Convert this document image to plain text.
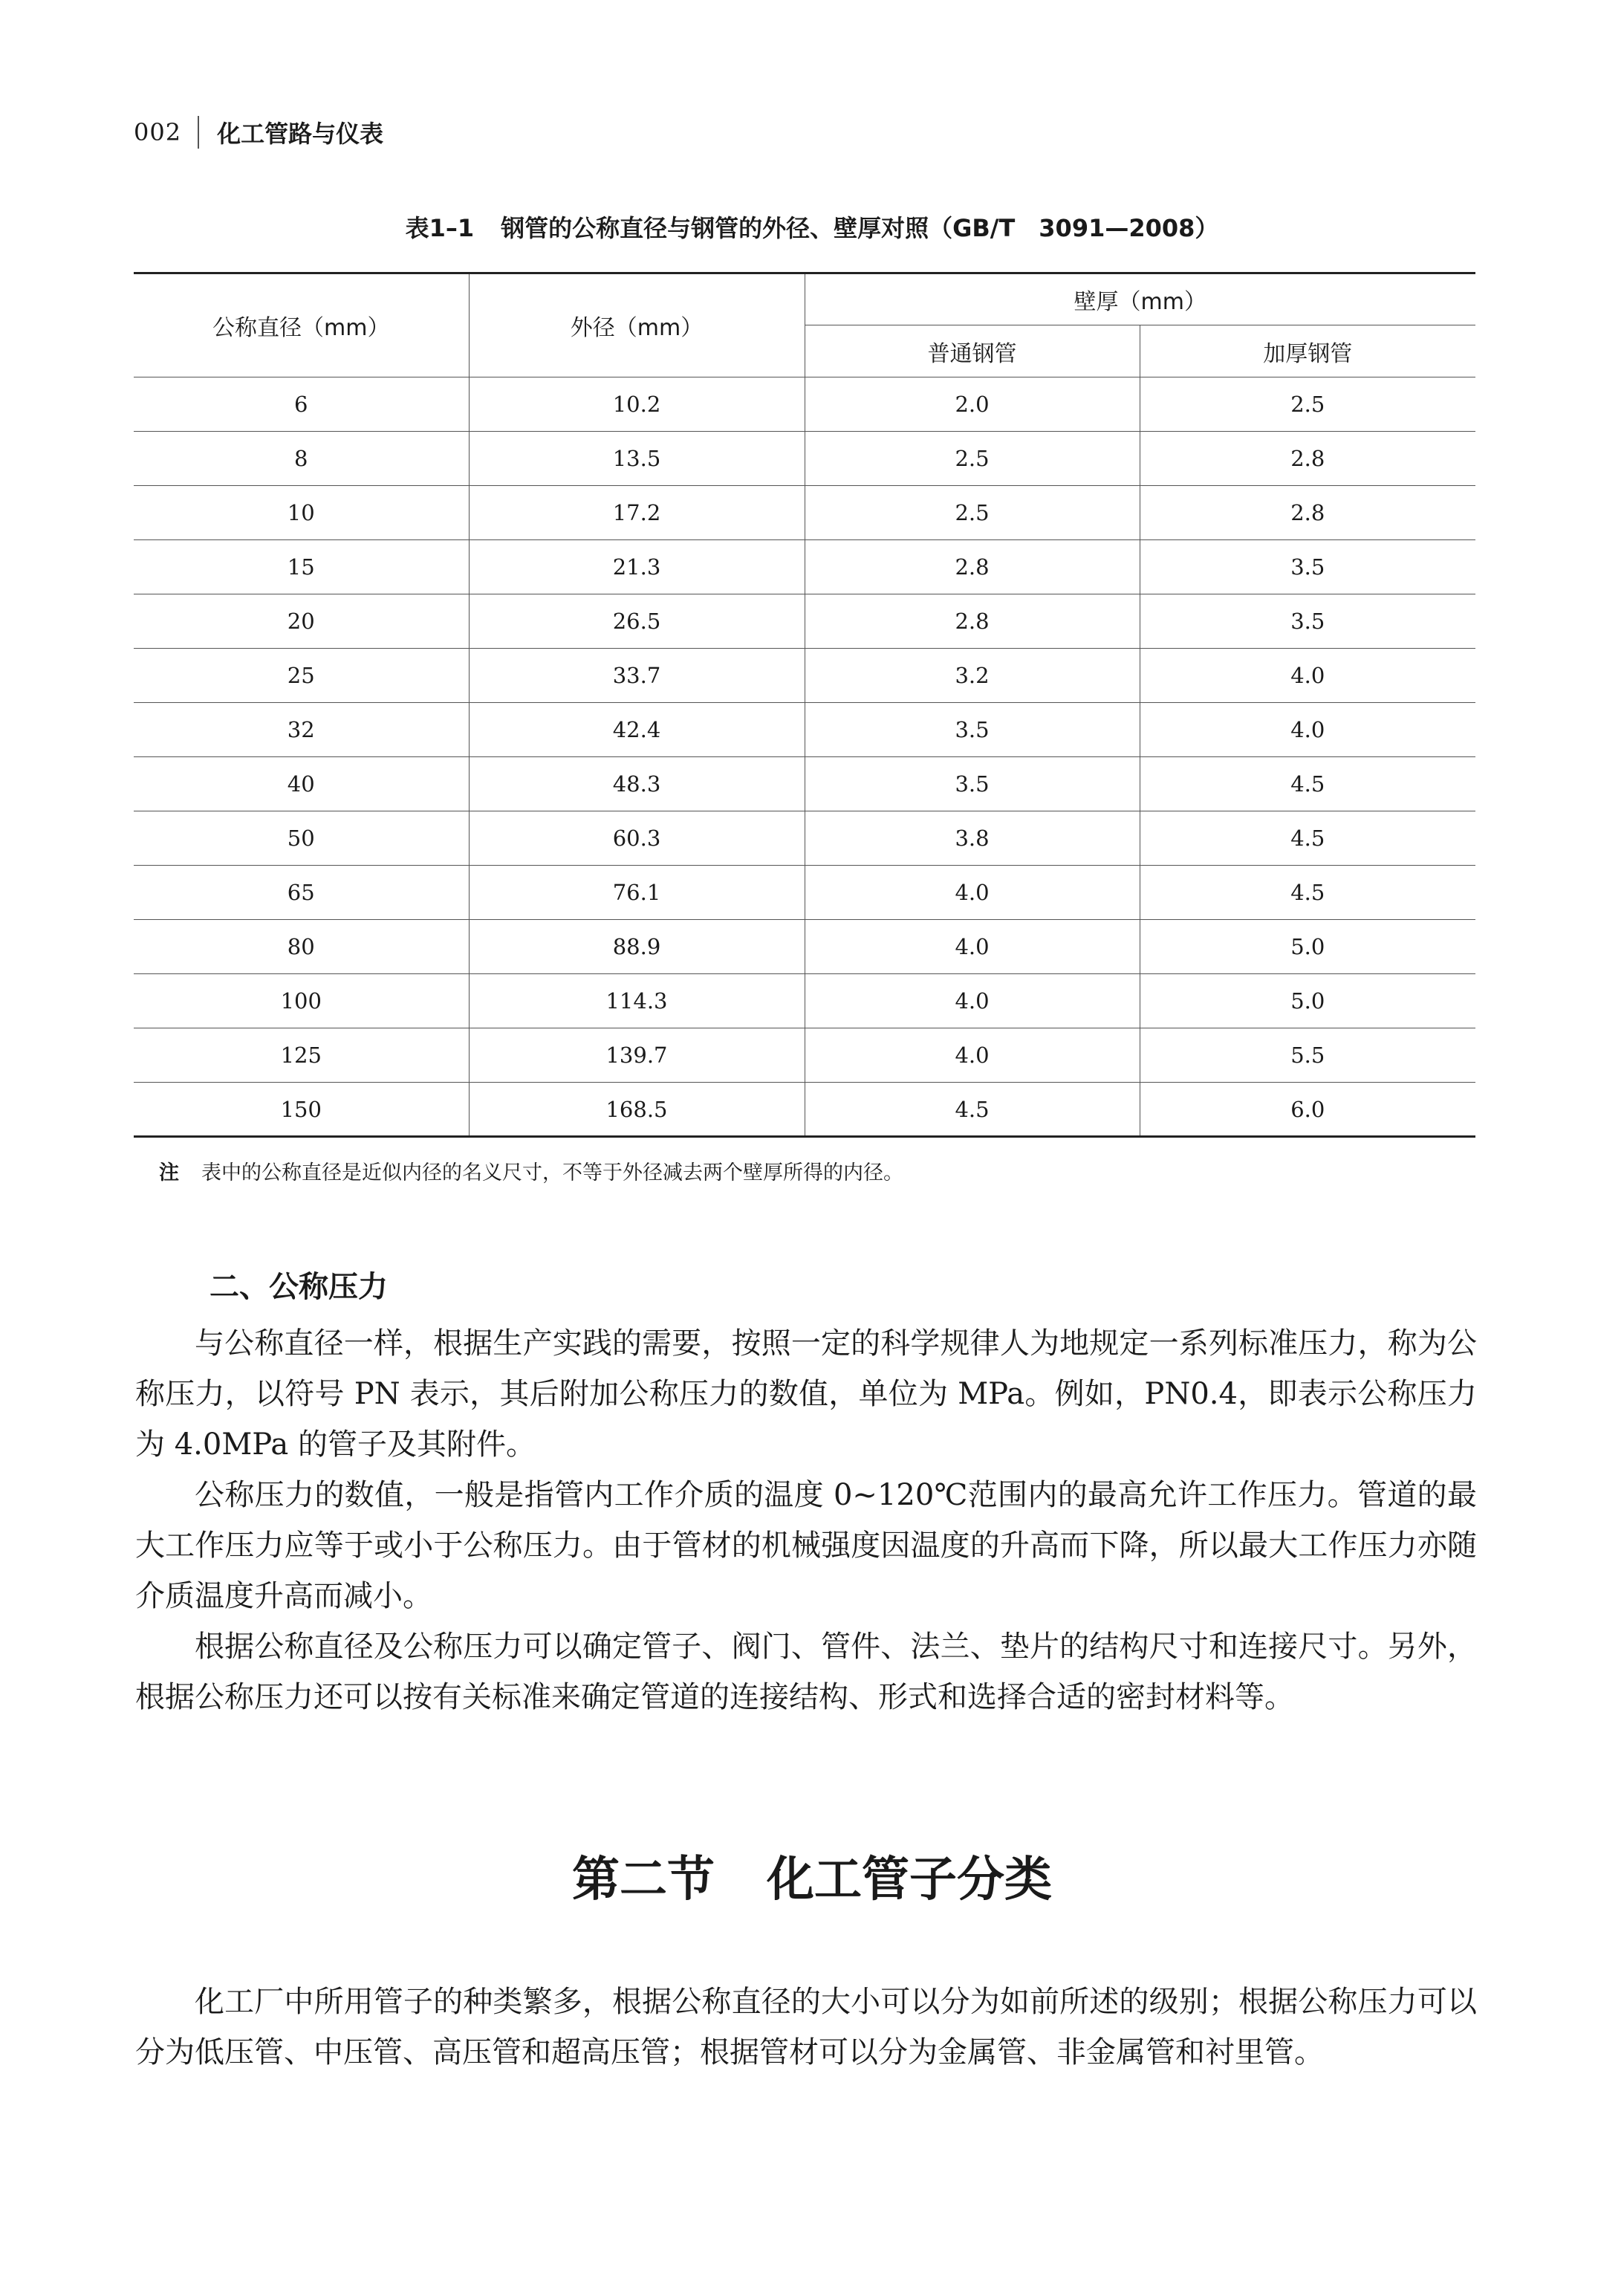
002 化工管路与仪表
表1–1 钢管的公称直径与钢管的外径、壁厚对照（GB/T　3091—2008）
公称直径（mm）	外径（mm）	壁厚（mm）	
		普通钢管	加厚钢管
6	10.2	2.0	2.5
8	13.5	2.5	2.8
10	17.2	2.5	2.8
15	21.3	2.8	3.5
20	26.5	2.8	3.5
25	33.7	3.2	4.0
32	42.4	3.5	4.0
40	48.3	3.5	4.5
50	60.3	3.8	4.5
65	76.1	4.0	4.5
80	88.9	4.0	5.0
100	114.3	4.0	5.0
125	139.7	4.0	5.5
150	168.5	4.5	6.0
注 表中的公称直径是近似内径的名义尺寸，不等于外径减去两个壁厚所得的内径。
二、公称压力

与公称直径一样，根据生产实践的需要，按照一定的科学规律人为地规定一系列标准压力，称为公称压力，以符号 PN 表示，其后附加公称压力的数值，单位为 MPa。例如，PN0.4，即表示公称压力为 4.0MPa 的管子及其附件。

公称压力的数值，一般是指管内工作介质的温度 0~120℃范围内的最高允许工作压力。管道的最大工作压力应等于或小于公称压力。由于管材的机械强度因温度的升高而下降，所以最大工作压力亦随介质温度升高而减小。

根据公称直径及公称压力可以确定管子、阀门、管件、法兰、垫片的结构尺寸和连接尺寸。另外，根据公称压力还可以按有关标准来确定管道的连接结构、形式和选择合适的密封材料等。

第二节 化工管子分类

化工厂中所用管子的种类繁多，根据公称直径的大小可以分为如前所述的级别；根据公称压力可以分为低压管、中压管、高压管和超高压管；根据管材可以分为金属管、非金属管和衬里管。
